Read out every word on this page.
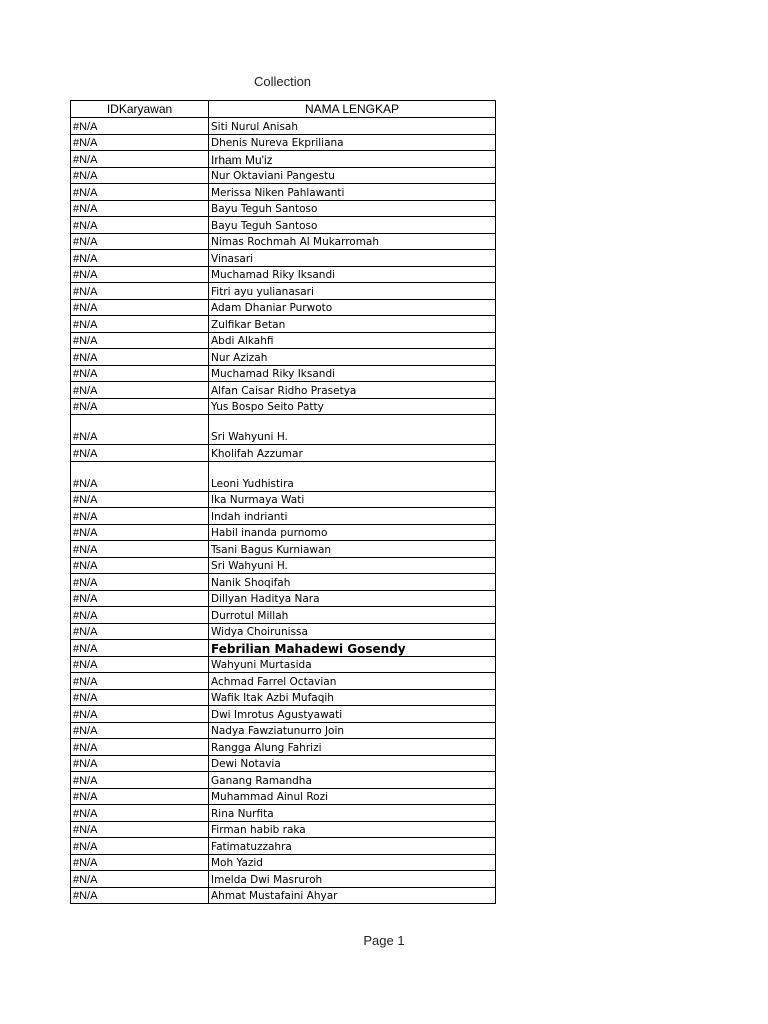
Collection
IDKaryawan	NAMA LENGKAP
#N/A	Siti Nurul Anisah
#N/A	Dhenis Nureva Ekpriliana
#N/A	Irham Mu'iz
#N/A	Nur Oktaviani Pangestu
#N/A	Merissa Niken Pahlawanti
#N/A	Bayu Teguh Santoso
#N/A	Bayu Teguh Santoso
#N/A	Nimas Rochmah Al Mukarromah
#N/A	Vinasari
#N/A	Muchamad Riky Iksandi
#N/A	Fitri ayu yulianasari
#N/A	Adam Dhaniar Purwoto
#N/A	Zulfikar Betan
#N/A	Abdi Alkahfi
#N/A	Nur Azizah
#N/A	Muchamad Riky Iksandi
#N/A	Alfan Caisar Ridho Prasetya
#N/A	Yus Bospo Seito Patty
#N/A	Sri Wahyuni H.
#N/A	Kholifah Azzumar
#N/A	Leoni Yudhistira
#N/A	Ika Nurmaya Wati
#N/A	Indah indrianti
#N/A	Habil inanda purnomo
#N/A	Tsani Bagus Kurniawan
#N/A	Sri Wahyuni H.
#N/A	Nanik Shoqifah
#N/A	Dillyan Haditya Nara
#N/A	Durrotul Millah
#N/A	Widya Choirunissa
#N/A	Febrilian Mahadewi Gosendy
#N/A	Wahyuni Murtasida
#N/A	Achmad Farrel Octavian
#N/A	Wafik Itak Azbi Mufaqih
#N/A	Dwi Imrotus Agustyawati
#N/A	Nadya Fawziatunurro Join
#N/A	Rangga Alung Fahrizi
#N/A	Dewi Notavia
#N/A	Ganang Ramandha
#N/A	Muhammad Ainul Rozi
#N/A	Rina Nurfita
#N/A	Firman habib raka
#N/A	Fatimatuzzahra
#N/A	Moh Yazid
#N/A	Imelda Dwi Masruroh
#N/A	Ahmat Mustafaini Ahyar
Page 1
